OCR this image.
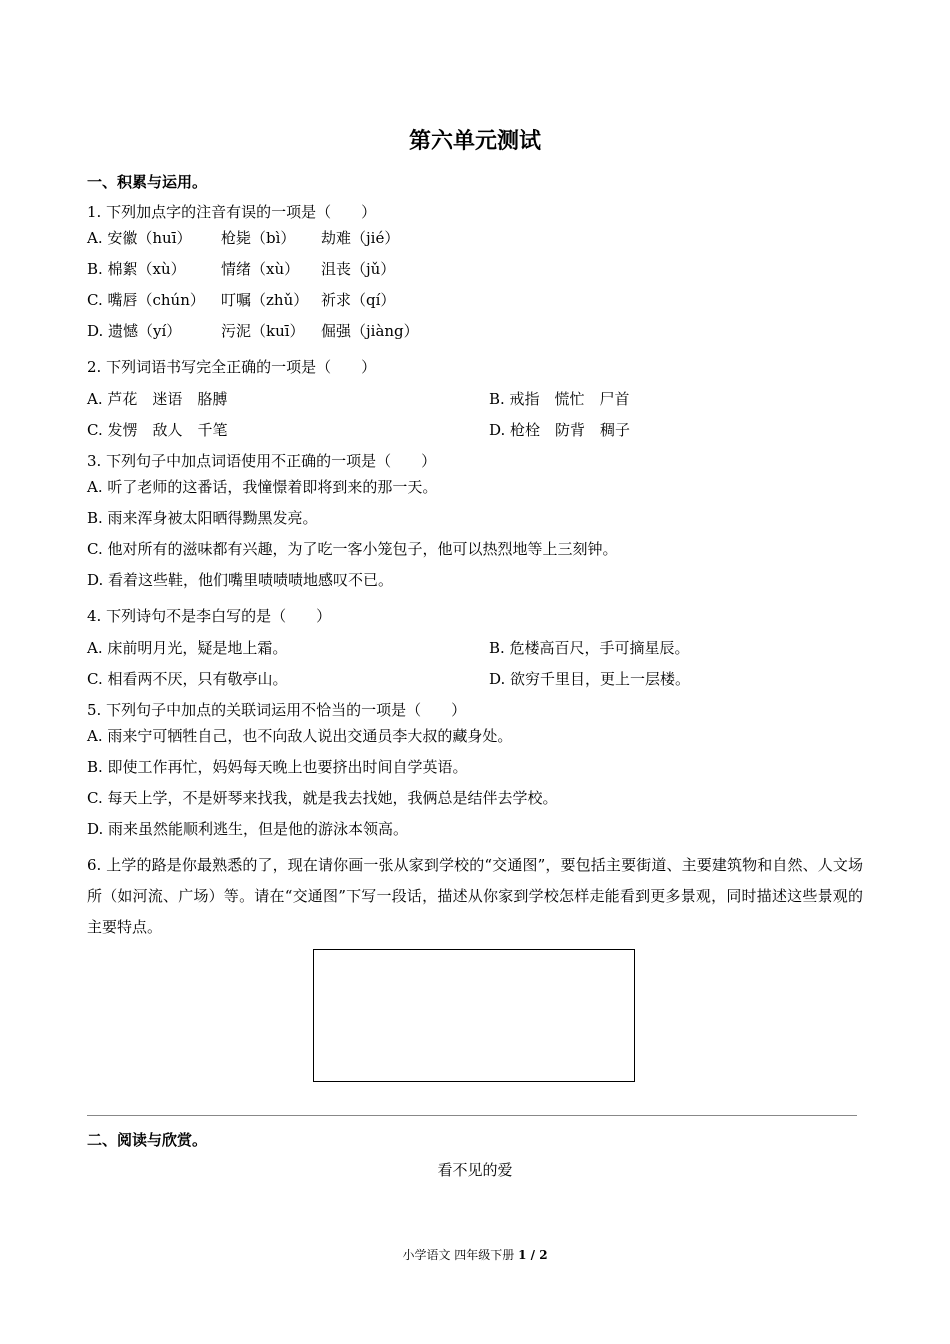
第六单元测试
一、积累与运用。
1. 下列加点字的注音有误的一项是（　　）
A. 安徽（huī） 枪毙（bì） 劫难（jié）
B. 棉絮（xù） 情绪（xù） 沮丧（jǔ）
C. 嘴唇（chún） 叮嘱（zhǔ） 祈求（qí）
D. 遗憾（yí）	污泥（kuī） 倔强（jiàng）
2. 下列词语书写完全正确的一项是（　　）
A. 芦花　迷语　胳膊	B. 戒指　慌忙　尸首
C. 发愣　敌人　千笔	D. 枪栓　防背　稠子
3. 下列句子中加点词语使用不正确的一项是（　　）
A. 听了老师的这番话，我憧憬着即将到来的那一天。
B. 雨来浑身被太阳晒得黝黑发亮。
C. 他对所有的滋味都有兴趣，为了吃一客小笼包子，他可以热烈地等上三刻钟。
D. 看着这些鞋，他们嘴里啧啧啧地感叹不已。
4. 下列诗句不是李白写的是（　　）
A. 床前明月光，疑是地上霜。	B. 危楼高百尺，手可摘星辰。
C. 相看两不厌，只有敬亭山。	D. 欲穷千里目，更上一层楼。
5. 下列句子中加点的关联词运用不恰当的一项是（　　）
A. 雨来宁可牺牲自己，也不向敌人说出交通员李大叔的藏身处。
B. 即使工作再忙，妈妈每天晚上也要挤出时间自学英语。
C. 每天上学，不是妍琴来找我，就是我去找她，我俩总是结伴去学校。
D. 雨来虽然能顺利逃生，但是他的游泳本领高。
6. 上学的路是你最熟悉的了，现在请你画一张从家到学校的“交通图”，要包括主要街道、主要建筑物和自然、人文场所（如河流、广场）等。请在“交通图”下写一段话，描述从你家到学校怎样走能看到更多景观，同时描述这些景观的主要特点。
二、阅读与欣赏。
看不见的爱
小学语文 四年级下册 1 / 2
